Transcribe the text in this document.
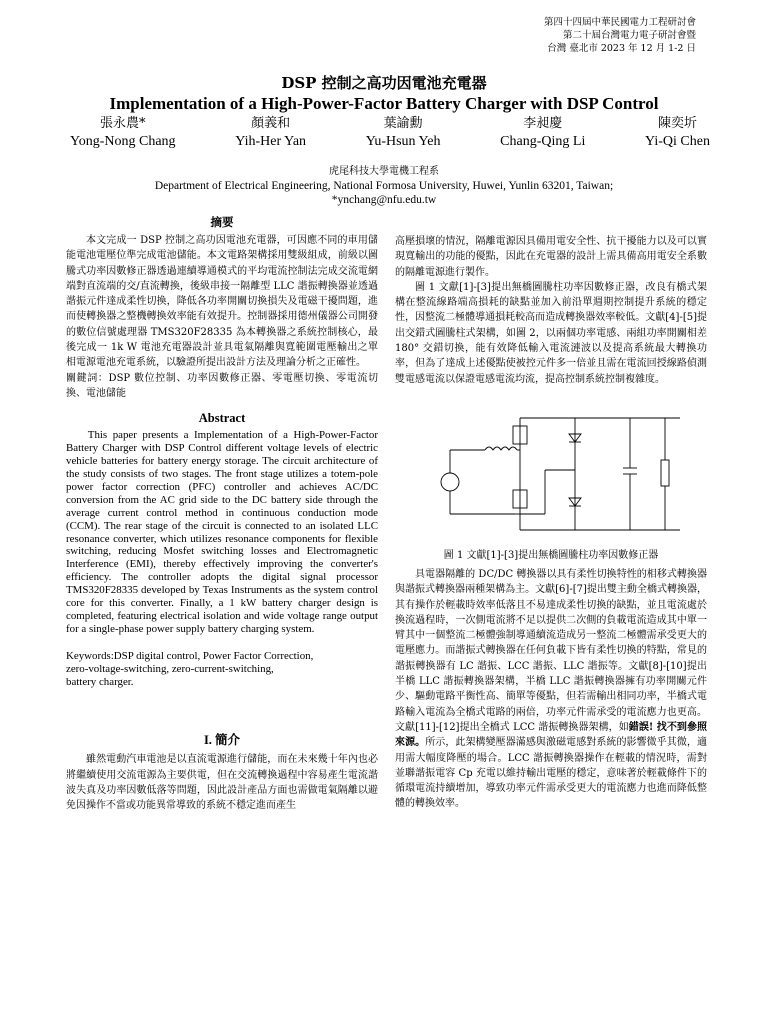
第四十四屆中華民國電力工程研討會
第二十屆台灣電力電子研討會暨
台灣 臺北市 2023 年 12 月 1-2 日
DSP 控制之高功因電池充電器
Implementation of a High-Power-Factor Battery Charger with DSP Control
張永農*
Yong-Nong Chang
顏義和
Yih-Her Yan
葉諭勳
Yu-Hsun Yeh
李昶慶
Chang-Qing Li
陳奕圻
Yi-Qi Chen
虎尾科技大學電機工程系
Department of Electrical Engineering, National Formosa University, Huwei, Yunlin 63201, Taiwan;
*ynchang@nfu.edu.tw
摘要

本文完成一 DSP 控制之高功因電池充電器，可因應不同的車用儲能電池電壓位準完成電池儲能。本文電路架構採用雙級組成，前級以圖騰式功率因數修正器透過連續導通模式的平均電流控制法完成交流電網端對直流端的交/直流轉換，後級串接一隔離型 LLC 諧振轉換器並透過諧振元件達成柔性切換，降低各功率開關切換損失及電磁干擾問題，進而使轉換器之整機轉換效率能有效提升。控制器採用德州儀器公司開發的數位信號處理器 TMS320F28335 為本轉換器之系統控制核心，最後完成一 1k W 電池充電器設計並具電氣隔離與寬範圍電壓輸出之單相電源電池充電系統，以驗證所提出設計方法及理論分析之正確性。

關鍵詞：DSP 數位控制、功率因數修正器、零電壓切換、零電流切換、電池儲能

Abstract

This paper presents a Implementation of a High-Power-Factor Battery Charger with DSP Control different voltage levels of electric vehicle batteries for battery energy storage. The circuit architecture of the study consists of two stages. The front stage utilizes a totem-pole power factor correction (PFC) controller and achieves AC/DC conversion from the AC grid side to the DC battery side through the average current control method in continuous conduction mode (CCM). The rear stage of the circuit is connected to an isolated LLC resonance converter, which utilizes resonance components for flexible switching, reducing Mosfet switching losses and Electromagnetic Interference (EMI), thereby effectively improving the converter's efficiency. The controller adopts the digital signal processor TMS320F28335 developed by Texas Instruments as the system control core for this converter. Finally, a 1 kW battery charger design is completed, featuring electrical isolation and wide voltage range output for a single-phase power supply battery charging system.

Keywords:DSP digital control, Power Factor Correction,
zero-voltage-switching, zero-current-switching,
battery charger.
I. 簡介

雖然電動汽車電池是以直流電源進行儲能，而在未來幾十年內也必將繼續使用交流電源為主要供電，但在交流轉換過程中容易產生電流諧波失真及功率因數低落等問題，因此設計產品方面也需做電氣隔離以避免因操作不當或功能異常導致的系統不穩定進而產生

高壓損壞的情況，隔離電源因具備用電安全性、抗干擾能力以及可以實現寬輸出的功能的優點，因此在充電器的設計上需具備高用電安全系數的隔離電源進行製作。

圖 1 文獻[1]-[3]提出無橋圖騰柱功率因數修正器，改良有橋式架構在整流線路端高損耗的缺點並加入前沿單週期控制提升系統的穩定性，因整流二極體導通損耗較高而造成轉換器效率較低。文獻[4]-[5]提出交錯式圖騰柱式架構，如圖 2，以兩個功率電感、兩組功率開關相差 180° 交錯切換，能有效降低輸入電流漣波以及提高系統最大轉換功率，但為了達成上述優點使被控元件多一倍並且需在電流回授線路偵測雙電感電流以保證電感電流均流，提高控制系統控制複雜度。

圖 1 文獻[1]-[3]提出無橋圖騰柱功率因數修正器

具電器隔離的 DC/DC 轉換器以具有柔性切換特性的相移式轉換器與諧振式轉換器兩種架構為主。文獻[6]-[7]提出雙主動全橋式轉換器，其有操作於輕載時效率低落且不易達成柔性切換的缺點，並且電流處於換流過程時，一次側電流將不足以提供二次側的負載電流造成其中單一臂其中一個整流二極體強制導通續流造成另一整流二極體需承受更大的電壓應力。而諧振式轉換器在任何負載下皆有柔性切換的特點，常見的諧振轉換器有 LC 諧振、LCC 諧振、LLC 諧振等。文獻[8]-[10]提出半橋 LLC 諧振轉換器架構，半橋 LLC 諧振轉換器擁有功率開關元件少、驅動電路平衡性高、簡單等優點，但若需輸出相同功率，半橋式電路輸入電流為全橋式電路的兩倍，功率元件需承受的電流應力也更高。文獻[11]-[12]提出全橋式 LCC 諧振轉換器架構，如錯誤! 找不到參照來源。所示，此架構變壓器滿感與激磁電感對系統的影響微乎其微，適用需大幅度降壓的場合。LCC 諧振轉換器操作在輕載的情況時，需對並聯諧振電容 Cp 充電以維持輸出電壓的穩定，意味著於輕載條件下的循環電流持續增加，導致功率元件需承受更大的電流應力也進而降低整體的轉換效率。
